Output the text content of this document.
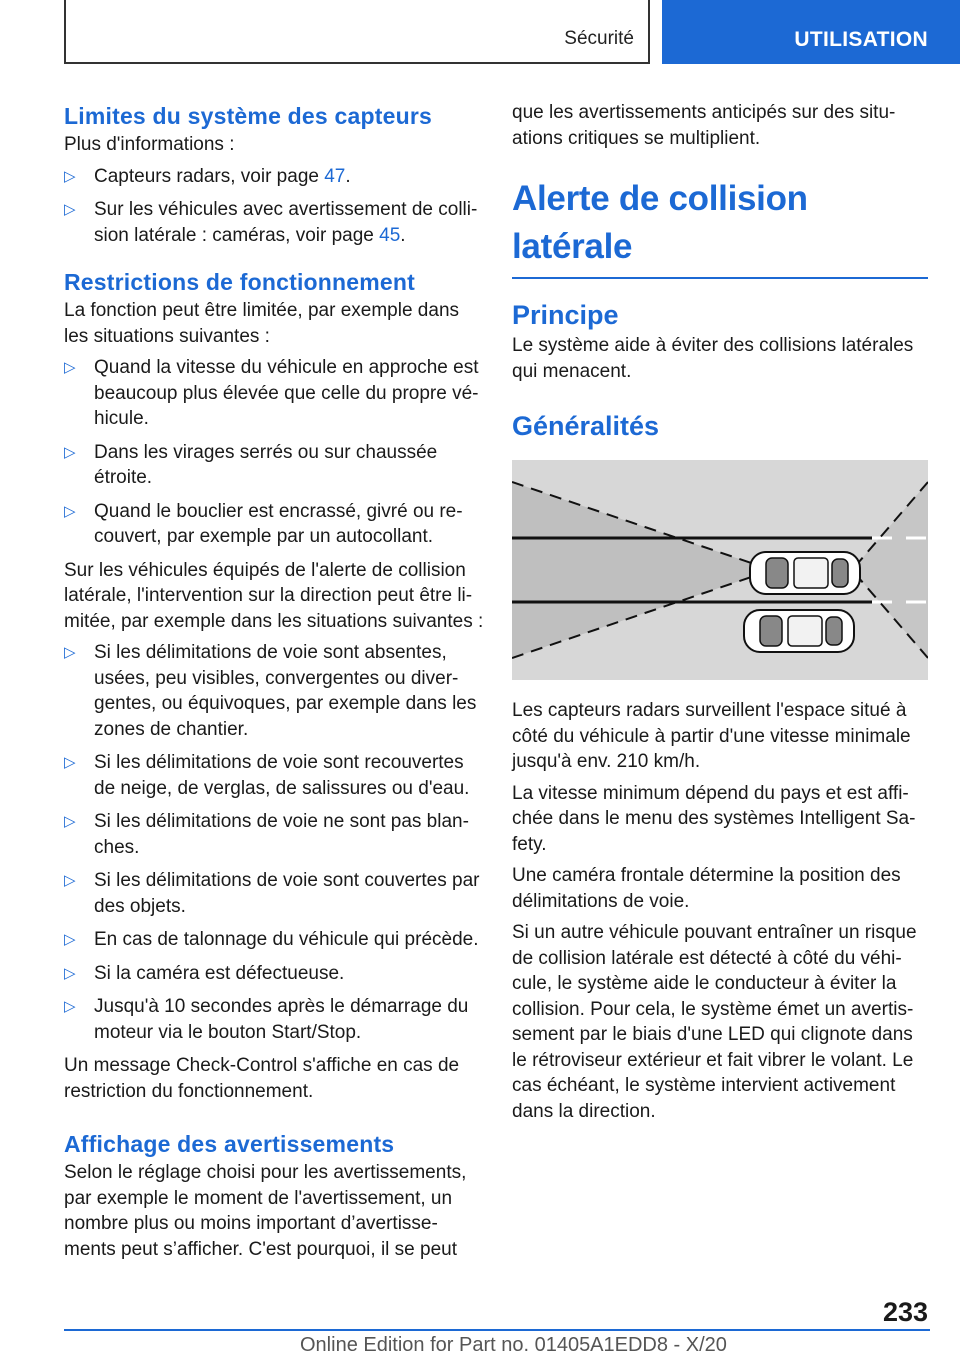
Sécurité	UTILISATION
Limites du système des capteurs

Plus d'informations :

▷ Capteurs radars, voir page 47.
▷ Sur les véhicules avec avertissement de colli-sion latérale : caméras, voir page 45.
Restrictions de fonctionnement

La fonction peut être limitée, par exemple dans les situations suivantes :

▷ Quand la vitesse du véhicule en approche est beaucoup plus élevée que celle du propre vé-hicule.
▷ Dans les virages serrés ou sur chaussée étroite.
▷ Quand le bouclier est encrassé, givré ou re-couvert, par exemple par un autocollant.

Sur les véhicules équipés de l'alerte de collision latérale, l'intervention sur la direction peut être li-mitée, par exemple dans les situations suivantes :

▷ Si les délimitations de voie sont absentes, usées, peu visibles, convergentes ou diver-gentes, ou équivoques, par exemple dans les zones de chantier.
▷ Si les délimitations de voie sont recouvertes de neige, de verglas, de salissures ou d'eau.
▷ Si les délimitations de voie ne sont pas blan-ches.
▷ Si les délimitations de voie sont couvertes par des objets.
▷ En cas de talonnage du véhicule qui précède.
▷ Si la caméra est défectueuse.
▷ Jusqu'à 10 secondes après le démarrage du moteur via le bouton Start/Stop.

Un message Check-Control s'affiche en cas de restriction du fonctionnement.

Affichage des avertissements

Selon le réglage choisi pour les avertissements, par exemple le moment de l'avertissement, un nombre plus ou moins important d’avertisse-ments peut s’afficher. C'est pourquoi, il se peut

que les avertissements anticipés sur des situ-ations critiques se multiplient.

Alerte de collision latérale
Principe

Le système aide à éviter des collisions latérales qui menacent.

Généralités

Les capteurs radars surveillent l'espace situé à côté du véhicule à partir d'une vitesse minimale jusqu'à env. 210 km/h.

La vitesse minimum dépend du pays et est affi-chée dans le menu des systèmes Intelligent Sa-fety.

Une caméra frontale détermine la position des délimitations de voie.

Si un autre véhicule pouvant entraîner un risque de collision latérale est détecté à côté du véhi-cule, le système aide le conducteur à éviter la collision. Pour cela, le système émet un avertis-sement par le biais d'une LED qui clignote dans le rétroviseur extérieur et fait vibrer le volant. Le cas échéant, le système intervient activement dans la direction.

233
Online Edition for Part no. 01405A1EDD8 - X/20
